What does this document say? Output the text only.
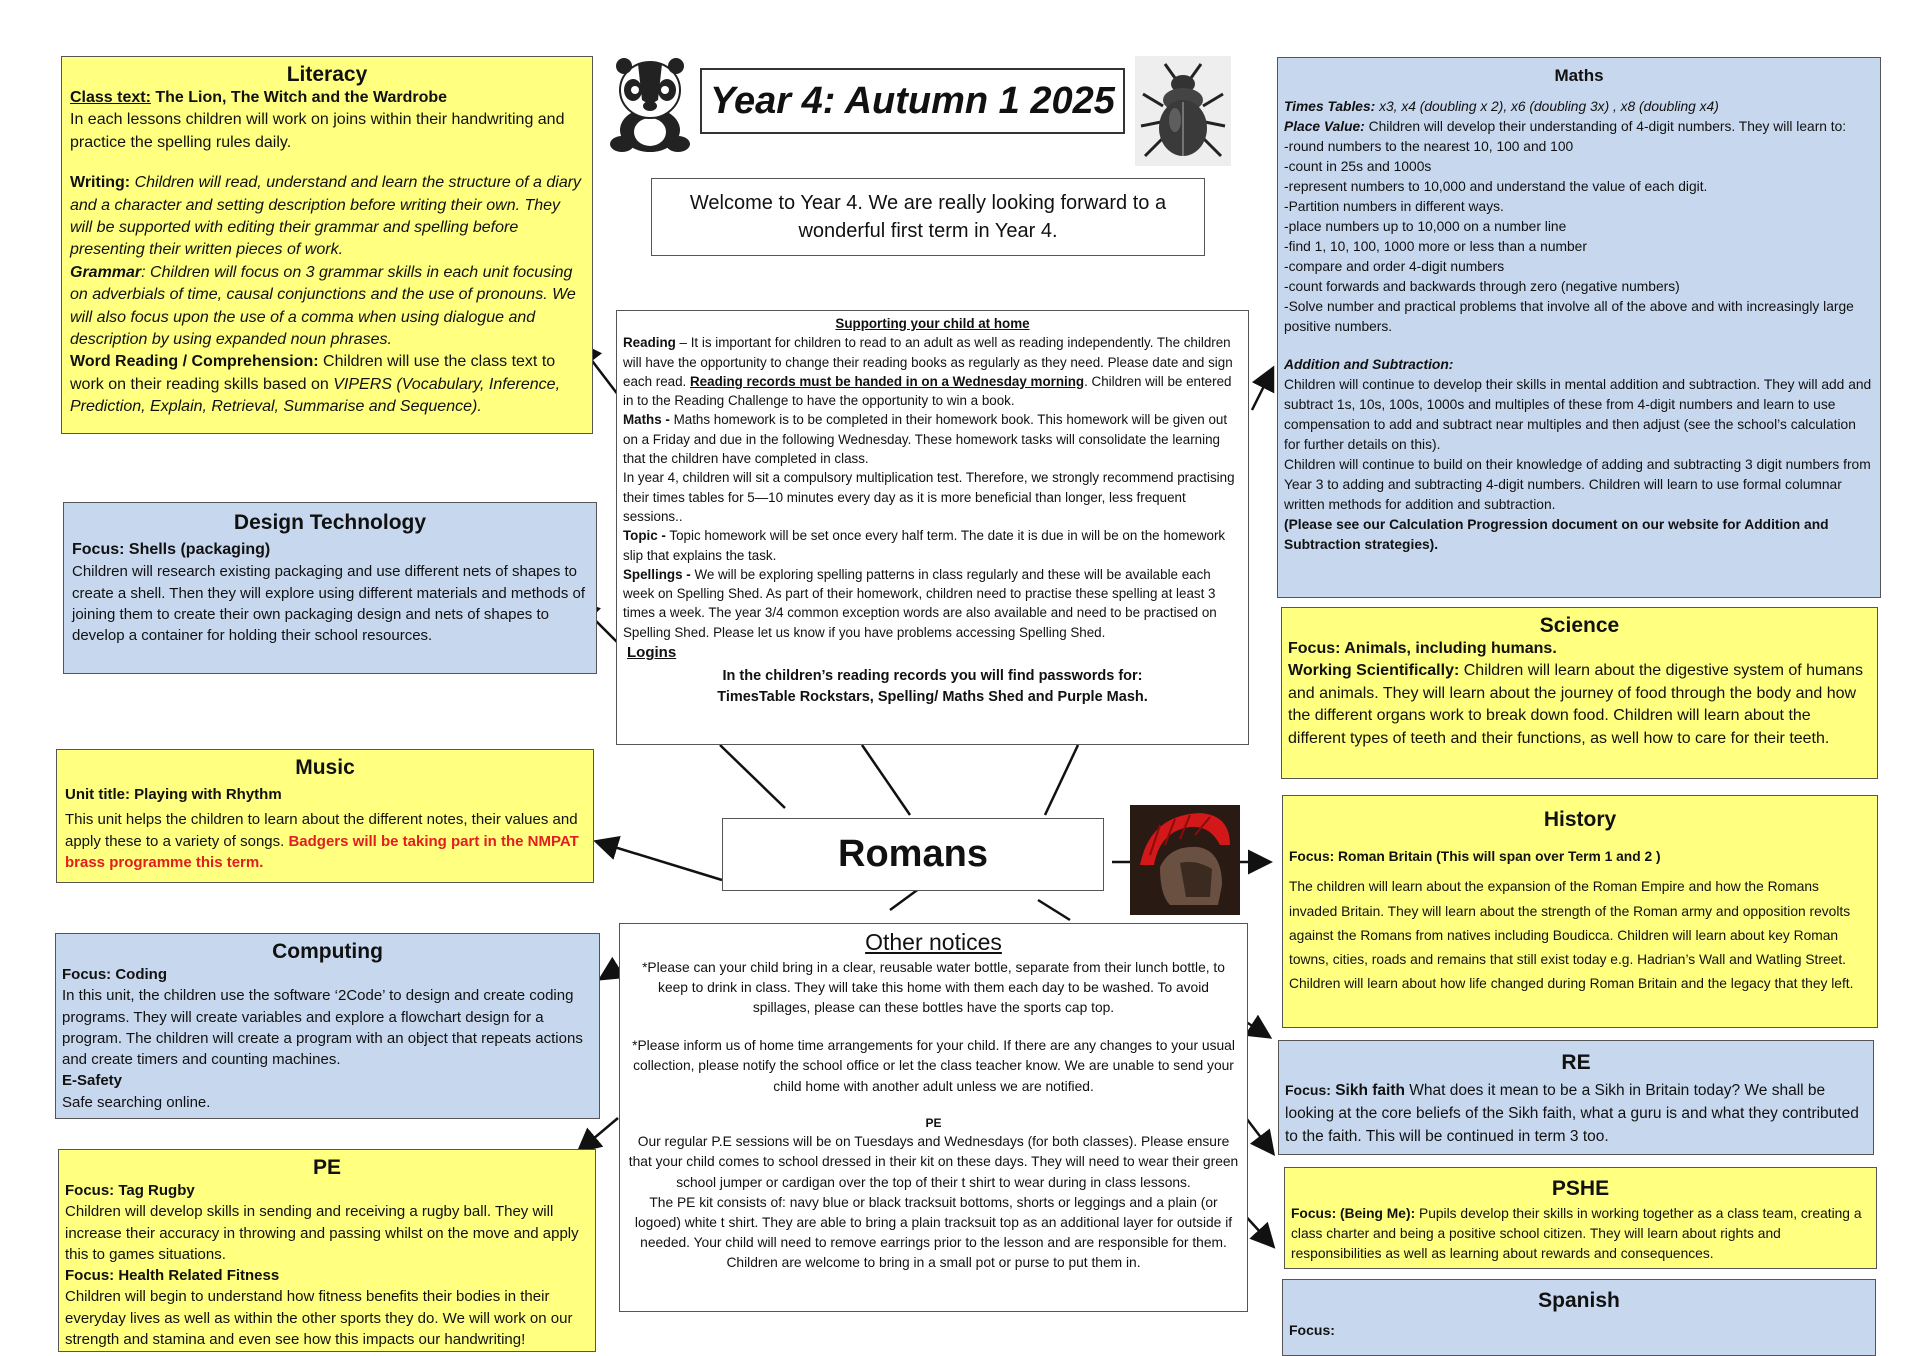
Literacy

Class text: The Lion, The Witch and the Wardrobe

In each lessons children will work on joins within their handwriting and practice the spelling rules daily.

Writing: Children will read, understand and learn the structure of a diary and a character and setting description before writing their own. They will be supported with editing their grammar and spelling before presenting their written pieces of work.

Grammar: Children will focus on 3 grammar skills in each unit focusing on adverbials of time, causal conjunctions and the use of pronouns. We will also focus upon the use of a comma when using dialogue and description by using expanded noun phrases.

Word Reading / Comprehension: Children will use the class text to work on their reading skills based on VIPERS (Vocabulary, Inference, Prediction, Explain, Retrieval, Summarise and Sequence).

Design Technology

Focus: Shells (packaging)

Children will research existing packaging and use different nets of shapes to create a shell. Then they will explore using different materials and methods of joining them to create their own packaging design and nets of shapes to develop a container for holding their school resources.

Music

Unit title: Playing with Rhythm

This unit helps the children to learn about the different notes, their values and apply these to a variety of songs. Badgers will be taking part in the NMPAT brass programme this term.

Computing

Focus: Coding

In this unit, the children use the software ‘2Code’ to design and create coding programs. They will create variables and explore a flowchart design for a program. The children will create a program with an object that repeats actions and create timers and counting machines.

E-Safety

Safe searching online.

PE

Focus: Tag Rugby

Children will develop skills in sending and receiving a rugby ball. They will increase their accuracy in throwing and passing whilst on the move and apply this to games situations.

Focus: Health Related Fitness

Children will begin to understand how fitness benefits their bodies in their everyday lives as well as within the other sports they do. We will work on our strength and stamina and even see how this impacts our handwriting!

Year 4: Autumn 1 2025

Welcome to Year 4. We are really looking forward to a wonderful first term in Year 4.

Supporting your child at home

Reading – It is important for children to read to an adult as well as reading independently. The children will have the opportunity to change their reading books as regularly as they need. Please date and sign each read. Reading records must be handed in on a Wednesday morning. Children will be entered in to the Reading Challenge to have the opportunity to win a book.

Maths - Maths homework is to be completed in their homework book. This homework will be given out on a Friday and due in the following Wednesday. These homework tasks will consolidate the learning that the children have completed in class.

In year 4, children will sit a compulsory multiplication test. Therefore, we strongly recommend practising their times tables for 5—10 minutes every day as it is more beneficial than longer, less frequent sessions..

Topic - Topic homework will be set once every half term. The date it is due in will be on the homework slip that explains the task.

Spellings - We will be exploring spelling patterns in class regularly and these will be available each week on Spelling Shed. As part of their homework, children need to practise these spelling at least 3 times a week. The year 3/4 common exception words are also available and need to be practised on Spelling Shed. Please let us know if you have problems accessing Spelling Shed.

Logins

In the children’s reading records you will find passwords for:

TimesTable Rockstars, Spelling/ Maths Shed and Purple Mash.

Romans

Other notices

*Please can your child bring in a clear, reusable water bottle, separate from their lunch bottle, to keep to drink in class. They will take this home with them each day to be washed. To avoid spillages, please can these bottles have the sports cap top.

*Please inform us of home time arrangements for your child. If there are any changes to your usual collection, please notify the school office or let the class teacher know. We are unable to send your child home with another adult unless we are notified.

PE

Our regular P.E sessions will be on Tuesdays and Wednesdays (for both classes). Please ensure that your child comes to school dressed in their kit on these days. They will need to wear their green school jumper or cardigan over the top of their t shirt to wear during in class lessons.

The PE kit consists of: navy blue or black tracksuit bottoms, shorts or leggings and a plain (or logoed) white t shirt. They are able to bring a plain tracksuit top as an additional layer for outside if needed. Your child will need to remove earrings prior to the lesson and are responsible for them. Children are welcome to bring in a small pot or purse to put them in.

Maths

Times Tables: x3, x4 (doubling x 2), x6 (doubling 3x) , x8 (doubling x4)

Place Value: Children will develop their understanding of 4-digit numbers. They will learn to:

-round numbers to the nearest 10, 100 and 100

-count in 25s and 1000s

-represent numbers to 10,000 and understand the value of each digit.

-Partition numbers in different ways.

-place numbers up to 10,000 on a number line

-find 1, 10, 100, 1000 more or less than a number

-compare and order 4-digit numbers

-count forwards and backwards through zero (negative numbers)

-Solve number and practical problems that involve all of the above and with increasingly large positive numbers.

Addition and Subtraction:

Children will continue to develop their skills in mental addition and subtraction. They will add and subtract 1s, 10s, 100s, 1000s and multiples of these from 4-digit numbers and learn to use compensation to add and subtract near multiples and then adjust (see the school’s calculation for further details on this).

Children will continue to build on their knowledge of adding and subtracting 3 digit numbers from Year 3 to adding and subtracting 4-digit numbers. Children will learn to use formal columnar written methods for addition and subtraction.

(Please see our Calculation Progression document on our website for Addition and Subtraction strategies).

Science

Focus: Animals, including humans.

Working Scientifically: Children will learn about the digestive system of humans and animals. They will learn about the journey of food through the body and how the different organs work to break down food. Children will learn about the different types of teeth and their functions, as well how to care for their teeth.

History

Focus: Roman Britain (This will span over Term 1 and 2 )

The children will learn about the expansion of the Roman Empire and how the Romans invaded Britain. They will learn about the strength of the Roman army and opposition revolts against the Romans from natives including Boudicca. Children will learn about key Roman towns, cities, roads and remains that still exist today e.g. Hadrian’s Wall and Watling Street. Children will learn about how life changed during Roman Britain and the legacy that they left.

RE

Focus: Sikh faith What does it mean to be a Sikh in Britain today? We shall be looking at the core beliefs of the Sikh faith, what a guru is and what they contributed to the faith. This will be continued in term 3 too.

PSHE

Focus: (Being Me): Pupils develop their skills in working together as a class team, creating a class charter and being a positive school citizen. They will learn about rights and responsibilities as well as learning about rewards and consequences.

Spanish

Focus:
